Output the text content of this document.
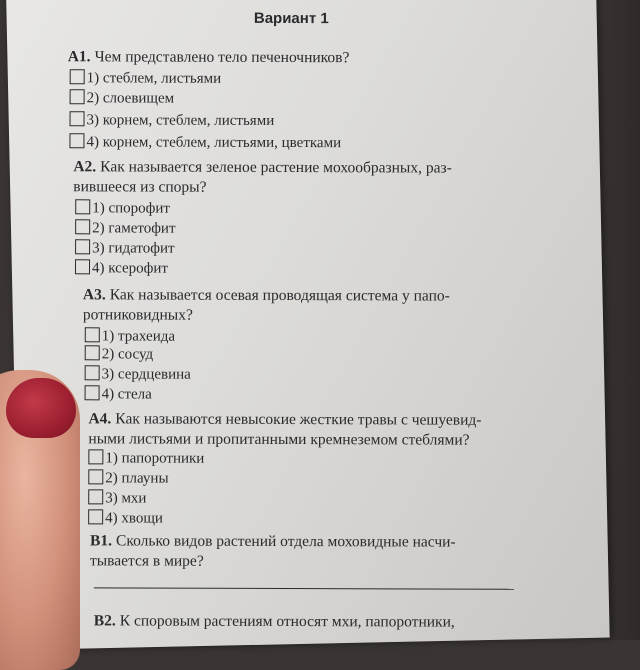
Вариант 1
А1. Чем представлено тело печеночников?
1) стеблем, листьями
2) слоевищем
3) корнем, стеблем, листьями
4) корнем, стеблем, листьями, цветками
А2. Как называется зеленое растение мохообразных, раз-
вившееся из споры?
1) спорофит
2) гаметофит
3) гидатофит
4) ксерофит
А3. Как называется осевая проводящая система у папо-
ротниковидных?
1) трахеида
2) сосуд
3) сердцевина
4) стела
А4. Как называются невысокие жесткие травы с чешуевид-
ными листьями и пропитанными кремнеземом стеблями?
1) папоротники
2) плауны
3) мхи
4) хвощи
В1. Сколько видов растений отдела моховидные насчи-
тывается в мире?
В2. К споровым растениям относят мхи, папоротники,
